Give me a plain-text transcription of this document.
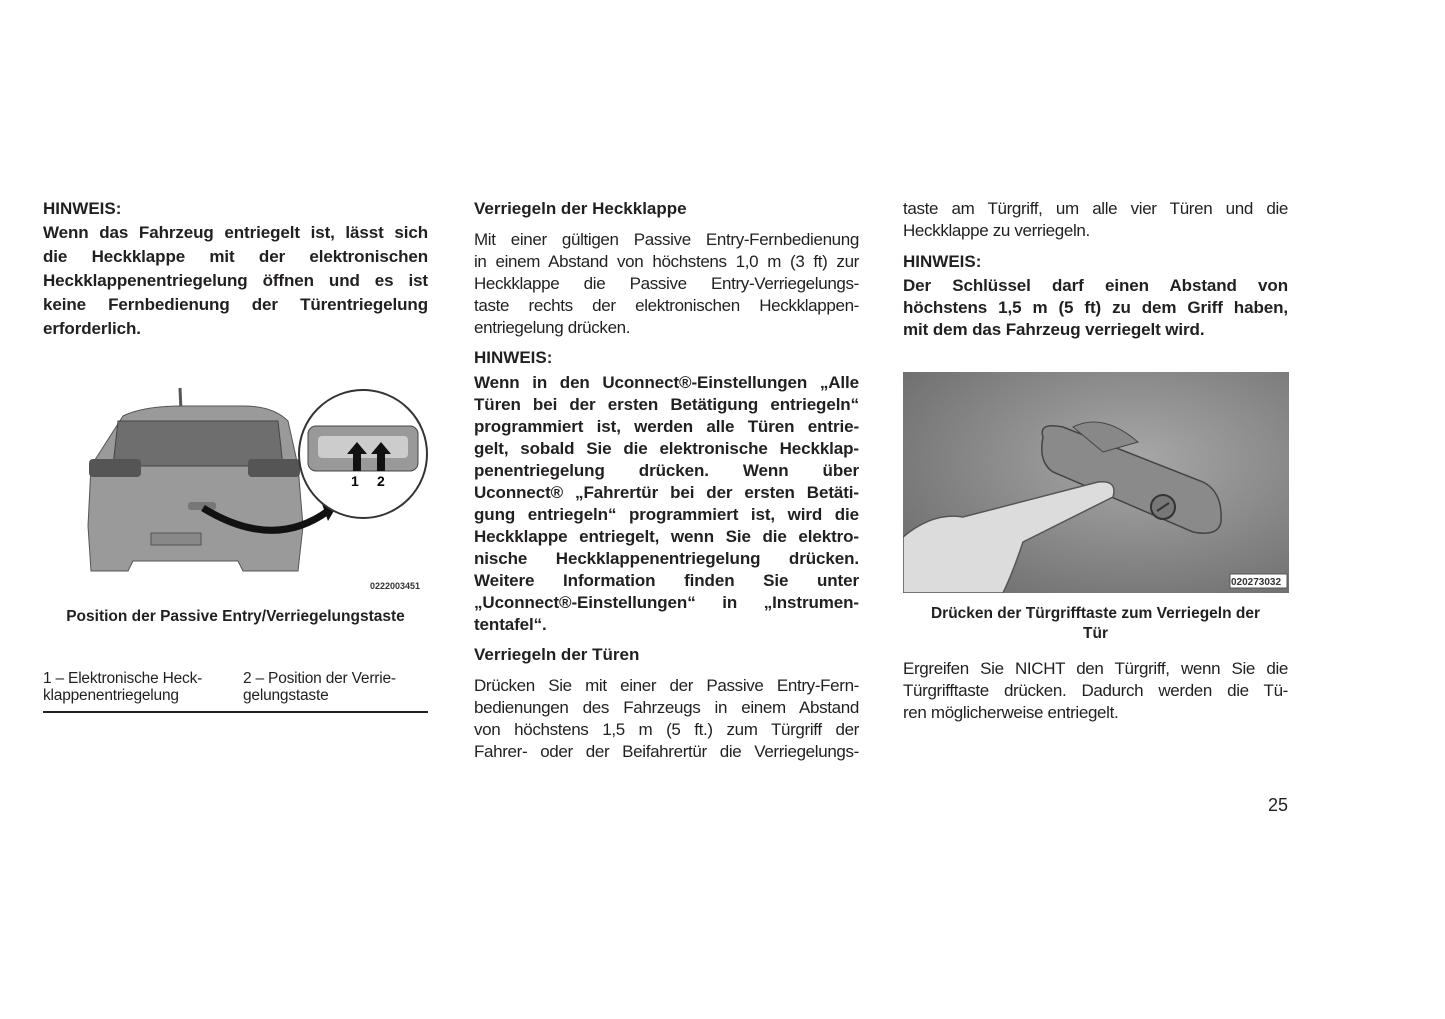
HINWEIS:
Wenn das Fahrzeug entriegelt ist, lässt sich
die Heckklappe mit der elektronischen
Heckklappenentriegelung öffnen und es ist
keine Fernbedienung der Türentriegelung
erforderlich.
1 2
0222003451
Position der Passive Entry/Verriegelungstaste
1 – Elektronische Heck-
klappenentriegelung
2 – Position der Verrie-
gelungstaste
Verriegeln der Heckklappe
Mit einer gültigen Passive Entry-Fernbedienung
in einem Abstand von höchstens 1,0 m (3 ft) zur
Heckklappe die Passive Entry-Verriegelungs-
taste rechts der elektronischen Heckklappen-
entriegelung drücken.
HINWEIS:
Wenn in den Uconnect®-Einstellungen „Alle
Türen bei der ersten Betätigung entriegeln“
programmiert ist, werden alle Türen entrie-
gelt, sobald Sie die elektronische Heckklap-
penentriegelung drücken. Wenn über
Uconnect® „Fahrertür bei der ersten Betäti-
gung entriegeln“ programmiert ist, wird die
Heckklappe entriegelt, wenn Sie die elektro-
nische Heckklappenentriegelung drücken.
Weitere Information finden Sie unter
„Uconnect®-Einstellungen“ in „Instrumen-
tentafel“.
Verriegeln der Türen
Drücken Sie mit einer der Passive Entry-Fern-
bedienungen des Fahrzeugs in einem Abstand
von höchstens 1,5 m (5 ft.) zum Türgriff der
Fahrer- oder der Beifahrertür die Verriegelungs-
taste am Türgriff, um alle vier Türen und die
Heckklappe zu verriegeln.
HINWEIS:
Der Schlüssel darf einen Abstand von
höchstens 1,5 m (5 ft) zu dem Griff haben,
mit dem das Fahrzeug verriegelt wird.
020273032
Drücken der Türgrifftaste zum Verriegeln der
Tür
Ergreifen Sie NICHT den Türgriff, wenn Sie die
Türgrifftaste drücken. Dadurch werden die Tü-
ren möglicherweise entriegelt.
25
